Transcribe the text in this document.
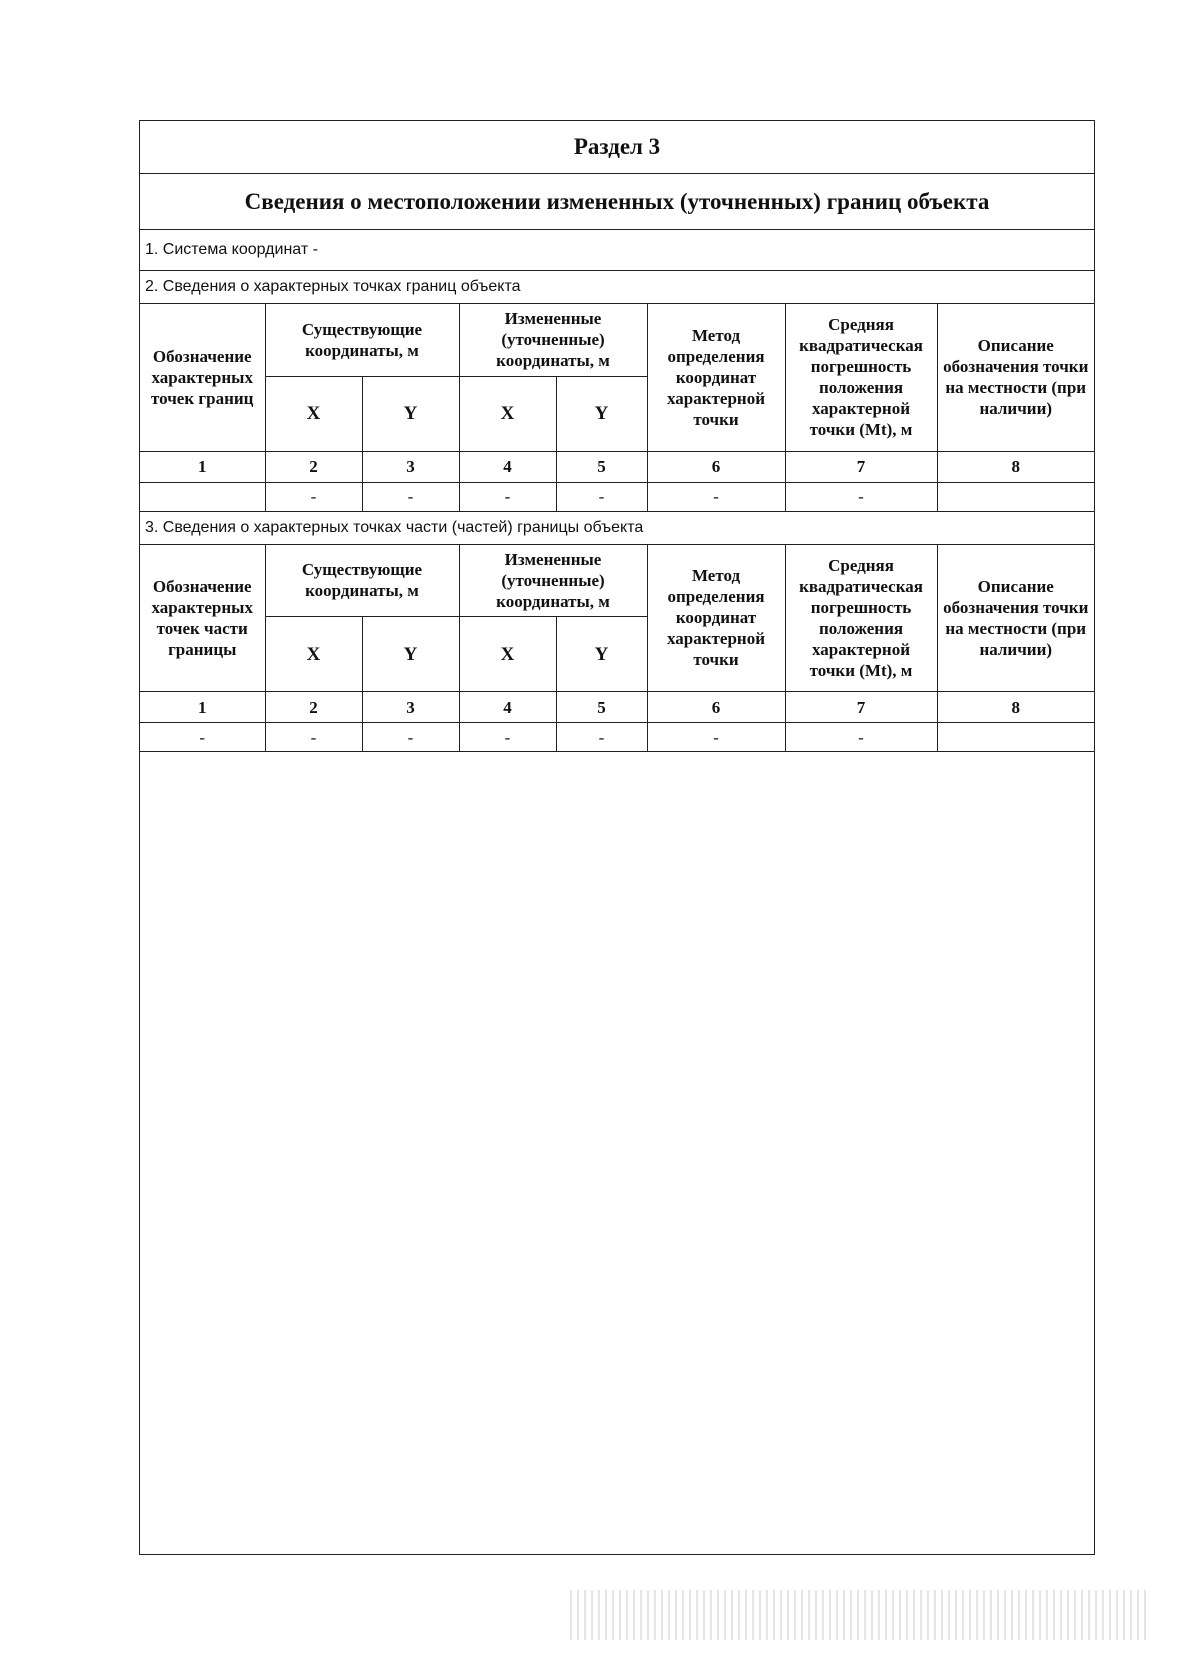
Раздел 3
Сведения о местоположении измененных (уточненных) границ объекта
1. Система координат -
2. Сведения о характерных точках границ объекта
Обозначение характерных точек границ	Существующие координаты, м		Измененные (уточненные) координаты, м		Метод определения координат характерной точки	Средняя квадратическая погрешность положения характерной точки (Mt), м	Описание обозначения точки на местности (при наличии)
	X	Y	X	Y			
1	2	3	4	5	6	7	8
	-	-	-	-	-	-	
3. Сведения о характерных точках части (частей) границы объекта
Обозначение характерных точек части границы	Существующие координаты, м		Измененные (уточненные) координаты, м		Метод определения координат характерной точки	Средняя квадратическая погрешность положения характерной точки (Mt), м	Описание обозначения точки на местности (при наличии)
	X	Y	X	Y			
1	2	3	4	5	6	7	8
-	-	-	-	-	-	-	
